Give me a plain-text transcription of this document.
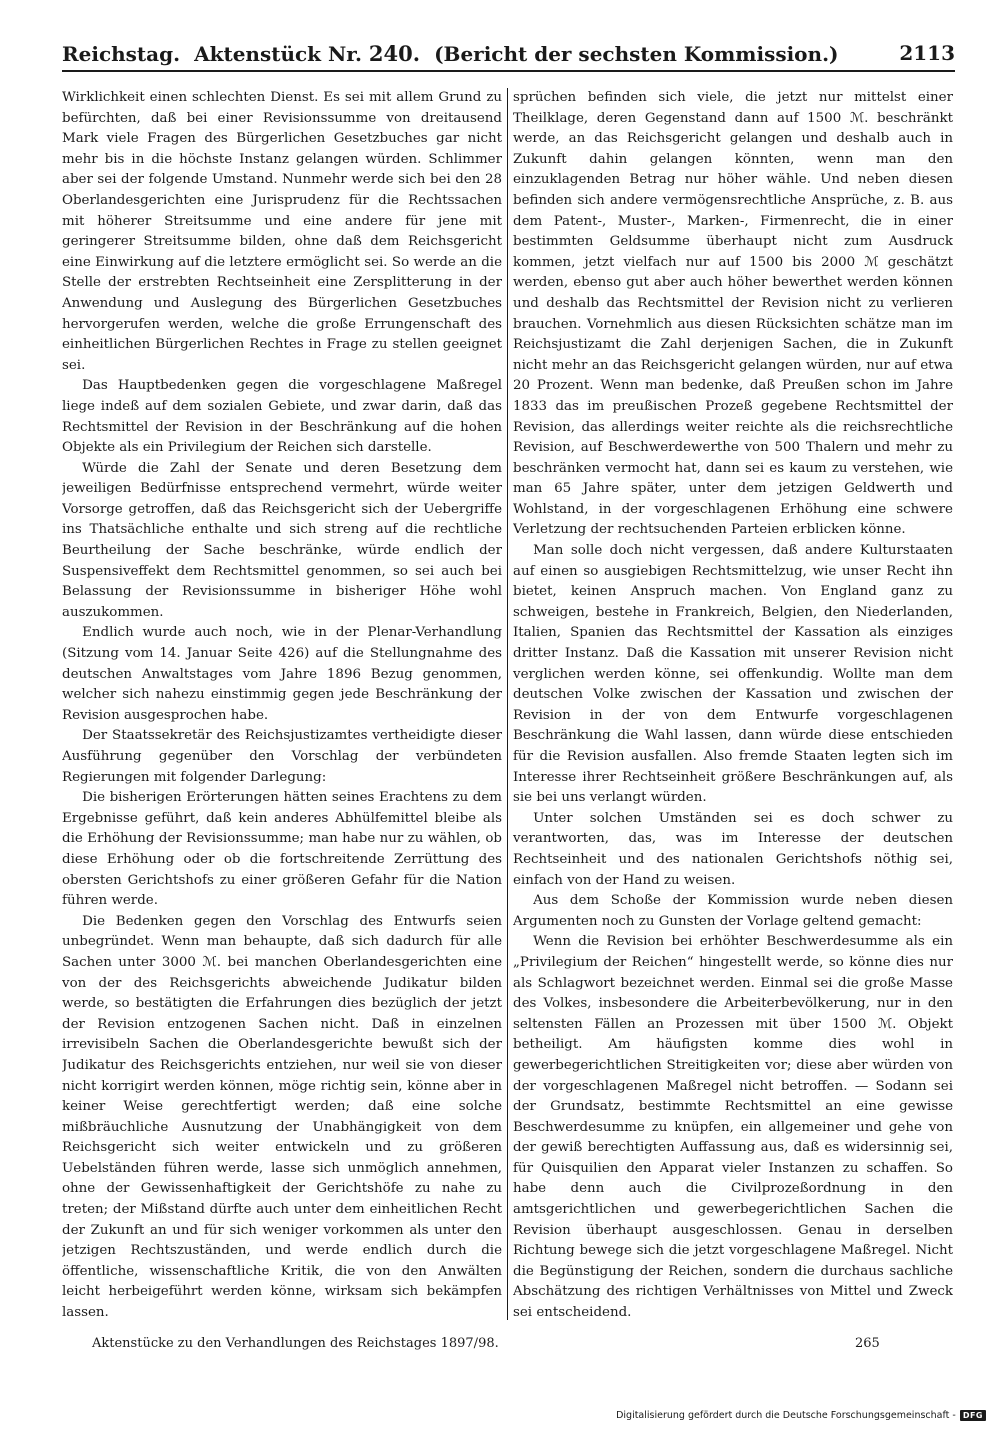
Reichstag. Aktenstück Nr. 240. (Bericht der sechsten Kommission.)	2113

Wirklichkeit einen schlechten Dienst. Es sei mit allem Grund zu befürchten, daß bei einer Revisionssumme von dreitausend Mark viele Fragen des Bürgerlichen Gesetzbuches gar nicht mehr bis in die höchste Instanz gelangen würden. Schlimmer aber sei der folgende Umstand. Nunmehr werde sich bei den 28 Oberlandesgerichten eine Jurisprudenz für die Rechtssachen mit höherer Streitsumme und eine andere für jene mit geringerer Streitsumme bilden, ohne daß dem Reichsgericht eine Einwirkung auf die letztere ermöglicht sei. So werde an die Stelle der erstrebten Rechtseinheit eine Zersplitterung in der Anwendung und Auslegung des Bürgerlichen Gesetzbuches hervorgerufen werden, welche die große Errungenschaft des einheitlichen Bürgerlichen Rechtes in Frage zu stellen geeignet sei.

Das Hauptbedenken gegen die vorgeschlagene Maßregel liege indeß auf dem sozialen Gebiete, und zwar darin, daß das Rechtsmittel der Revision in der Beschränkung auf die hohen Objekte als ein Privilegium der Reichen sich darstelle.

Würde die Zahl der Senate und deren Besetzung dem jeweiligen Bedürfnisse entsprechend vermehrt, würde weiter Vorsorge getroffen, daß das Reichsgericht sich der Uebergriffe ins Thatsächliche enthalte und sich streng auf die rechtliche Beurtheilung der Sache beschränke, würde endlich der Suspensiveffekt dem Rechtsmittel genommen, so sei auch bei Belassung der Revisionssumme in bisheriger Höhe wohl auszukommen.

Endlich wurde auch noch, wie in der Plenar-Verhandlung (Sitzung vom 14. Januar Seite 426) auf die Stellungnahme des deutschen Anwaltstages vom Jahre 1896 Bezug genommen, welcher sich nahezu einstimmig gegen jede Beschränkung der Revision ausgesprochen habe.

Der Staatssekretär des Reichsjustizamtes vertheidigte dieser Ausführung gegenüber den Vorschlag der verbündeten Regierungen mit folgender Darlegung:

Die bisherigen Erörterungen hätten seines Erachtens zu dem Ergebnisse geführt, daß kein anderes Abhülfemittel bleibe als die Erhöhung der Revisionssumme; man habe nur zu wählen, ob diese Erhöhung oder ob die fortschreitende Zerrüttung des obersten Gerichtshofs zu einer größeren Gefahr für die Nation führen werde.

Die Bedenken gegen den Vorschlag des Entwurfs seien unbegründet. Wenn man behaupte, daß sich dadurch für alle Sachen unter 3000 ℳ. bei manchen Oberlandesgerichten eine von der des Reichsgerichts abweichende Judikatur bilden werde, so bestätigten die Erfahrungen dies bezüglich der jetzt der Revision entzogenen Sachen nicht. Daß in einzelnen irrevisibeln Sachen die Oberlandesgerichte bewußt sich der Judikatur des Reichsgerichts entziehen, nur weil sie von dieser nicht korrigirt werden können, möge richtig sein, könne aber in keiner Weise gerechtfertigt werden; daß eine solche mißbräuchliche Ausnutzung der Unabhängigkeit von dem Reichsgericht sich weiter entwickeln und zu größeren Uebelständen führen werde, lasse sich unmöglich annehmen, ohne der Gewissenhaftigkeit der Gerichtshöfe zu nahe zu treten; der Mißstand dürfte auch unter dem einheitlichen Recht der Zukunft an und für sich weniger vorkommen als unter den jetzigen Rechtszuständen, und werde endlich durch die öffentliche, wissenschaftliche Kritik, die von den Anwälten leicht herbeigeführt werden könne, wirksam sich bekämpfen lassen.

sprüchen befinden sich viele, die jetzt nur mittelst einer Theilklage, deren Gegenstand dann auf 1500 ℳ. beschränkt werde, an das Reichsgericht gelangen und deshalb auch in Zukunft dahin gelangen könnten, wenn man den einzuklagenden Betrag nur höher wähle. Und neben diesen befinden sich andere vermögensrechtliche Ansprüche, z. B. aus dem Patent-, Muster-, Marken-, Firmenrecht, die in einer bestimmten Geldsumme überhaupt nicht zum Ausdruck kommen, jetzt vielfach nur auf 1500 bis 2000 ℳ geschätzt werden, ebenso gut aber auch höher bewerthet werden können und deshalb das Rechtsmittel der Revision nicht zu verlieren brauchen. Vornehmlich aus diesen Rücksichten schätze man im Reichsjustizamt die Zahl derjenigen Sachen, die in Zukunft nicht mehr an das Reichsgericht gelangen würden, nur auf etwa 20 Prozent. Wenn man bedenke, daß Preußen schon im Jahre 1833 das im preußischen Prozeß gegebene Rechtsmittel der Revision, das allerdings weiter reichte als die reichsrechtliche Revision, auf Beschwerdewerthe von 500 Thalern und mehr zu beschränken vermocht hat, dann sei es kaum zu verstehen, wie man 65 Jahre später, unter dem jetzigen Geldwerth und Wohlstand, in der vorgeschlagenen Erhöhung eine schwere Verletzung der rechtsuchenden Parteien erblicken könne.

Man solle doch nicht vergessen, daß andere Kulturstaaten auf einen so ausgiebigen Rechtsmittelzug, wie unser Recht ihn bietet, keinen Anspruch machen. Von England ganz zu schweigen, bestehe in Frankreich, Belgien, den Niederlanden, Italien, Spanien das Rechtsmittel der Kassation als einziges dritter Instanz. Daß die Kassation mit unserer Revision nicht verglichen werden könne, sei offenkundig. Wollte man dem deutschen Volke zwischen der Kassation und zwischen der Revision in der von dem Entwurfe vorgeschlagenen Beschränkung die Wahl lassen, dann würde diese entschieden für die Revision ausfallen. Also fremde Staaten legten sich im Interesse ihrer Rechtseinheit größere Beschränkungen auf, als sie bei uns verlangt würden.

Unter solchen Umständen sei es doch schwer zu verantworten, das, was im Interesse der deutschen Rechtseinheit und des nationalen Gerichtshofs nöthig sei, einfach von der Hand zu weisen.

Aus dem Schoße der Kommission wurde neben diesen Argumenten noch zu Gunsten der Vorlage geltend gemacht:

Wenn die Revision bei erhöhter Beschwerdesumme als ein „Privilegium der Reichen“ hingestellt werde, so könne dies nur als Schlagwort bezeichnet werden. Einmal sei die große Masse des Volkes, insbesondere die Arbeiterbevölkerung, nur in den seltensten Fällen an Prozessen mit über 1500 ℳ. Objekt betheiligt. Am häufigsten komme dies wohl in gewerbegerichtlichen Streitigkeiten vor; diese aber würden von der vorgeschlagenen Maßregel nicht betroffen. — Sodann sei der Grundsatz, bestimmte Rechtsmittel an eine gewisse Beschwerdesumme zu knüpfen, ein allgemeiner und gehe von der gewiß berechtigten Auffassung aus, daß es widersinnig sei, für Quisquilien den Apparat vieler Instanzen zu schaffen. So habe denn auch die Civilprozeßordnung in den amtsgerichtlichen und gewerbegerichtlichen Sachen die Revision überhaupt ausgeschlossen. Genau in derselben Richtung bewege sich die jetzt vorgeschlagene Maßregel. Nicht die Begünstigung der Reichen, sondern die durchaus sachliche Abschätzung des richtigen Verhältnisses von Mittel und Zweck sei entscheidend.

Aktenstücke zu den Verhandlungen des Reichstages 1897/98.	265
Digitalisierung gefördert durch die Deutsche Forschungsgemeinschaft - DFG
